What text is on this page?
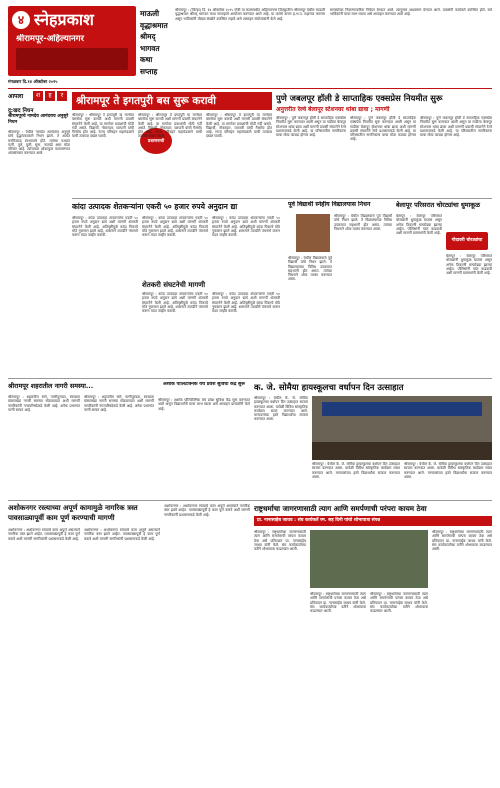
४ स्नेहप्रकाश
श्रीरामपूर-अहिल्यानगर
मंगळवार दि.१४ ऑक्टोबर २०२५
माऊली
वृद्धाश्रमात
श्रीमद्
भागवत
कथा
सप्ताह
श्रीरामपूर : (जिल्हा) दि. १४ ऑक्टोबर २०२५ रोजी या कालावधीत अहिल्यानगर जिल्ह्यातील श्रीरामपूर येथील माऊली वृद्धाश्रमात श्रीमद् भागवत कथा सप्ताहाचे आयोजन करण्यात आले आहे. या कथेचे वाचन ह.भ.प. महाराज करणार असून भाविकांनी मोठ्या संख्येने उपस्थित राहावे असे आवाहन संयोजकांनी केले आहे.
समस्यांच्या निवारणाकरिता निवेदन देण्यात आले. त्यानुसार आश्वासन देण्यात आले. याप्रसंगी कार्यकर्ते उपस्थित होते. सर्व भाविकांनी याचा लाभ घ्यावा असे आवाहन करण्यात आले आहे.
आपला	श	ह	र
दु:खद निधन
श्रीरामपूरचे नामदेव आनंदराव अनुसुरे निधन
श्रीरामपूर : येथील नामदेव आनंदराव अनुसुरे यांचे वृद्धापकाळाने निधन झाले. ते अत्यंत मनमिळाऊ स्वभावाचे होते. त्यांच्या पश्चात पत्नी, मुले, मुली, सुना, नातवंडे असा मोठा परिवार आहे. त्यांच्यावर शोकाकुल वातावरणात अंत्यसंस्कार करण्यात आले.
श्रीरामपूर ते इगतपुरी बस सुरू करावी
श्रीरामपूर : श्रीरामपूर ते इगतपुरी या मार्गावर बससेवा सुरू करावी अशी मागणी प्रवासी संघटनेने केली आहे. या मार्गावर प्रवाशांची मोठी गर्दी असते. विद्यार्थी, नोकरदार, व्यापारी यांची गैरसोय होत आहे. राज्य परिवहन महामंडळाने याची तत्काळ दखल घ्यावी.
प्रशासनाची
श्रीरामपूर : श्रीरामपूर ते इगतपुरी या मार्गावर बससेवा सुरू करावी अशी मागणी प्रवासी संघटनेने केली आहे. या मार्गावर प्रवाशांची मोठी गर्दी असते. विद्यार्थी, नोकरदार, व्यापारी यांची गैरसोय होत आहे. राज्य परिवहन महामंडळाने याची तत्काळ दखल घ्यावी.
श्रीरामपूर : श्रीरामपूर ते इगतपुरी या मार्गावर बससेवा सुरू करावी अशी मागणी प्रवासी संघटनेने केली आहे. या मार्गावर प्रवाशांची मोठी गर्दी असते. विद्यार्थी, नोकरदार, व्यापारी यांची गैरसोय होत आहे. राज्य परिवहन महामंडळाने याची तत्काळ दखल घ्यावी.
पुणे जबलपूर हॉली डे साप्ताहिक एक्सप्रेस नियमीत सुरू
अनुत्तरीत रेल्वे बेलापूर स्टेशनवर थांबा द्यावा ; मागणी
श्रीरामपूर : पुणे जबलपूर हॉली डे साप्ताहिक एक्सप्रेस नियमीत सुरू करण्यात आली असून या गाडीला बेलापूर स्टेशनवर थांबा द्यावा अशी मागणी प्रवासी संघटनेने रेल्वे प्रशासनाकडे केली आहे. या परिसरातील नागरिकांना याचा मोठा फायदा होणार आहे.
श्रीरामपूर : पुणे जबलपूर हॉली डे साप्ताहिक एक्सप्रेस नियमीत सुरू करण्यात आली असून या गाडीला बेलापूर स्टेशनवर थांबा द्यावा अशी मागणी प्रवासी संघटनेने रेल्वे प्रशासनाकडे केली आहे. या परिसरातील नागरिकांना याचा मोठा फायदा होणार आहे.
श्रीरामपूर : पुणे जबलपूर हॉली डे साप्ताहिक एक्सप्रेस नियमीत सुरू करण्यात आली असून या गाडीला बेलापूर स्टेशनवर थांबा द्यावा अशी मागणी प्रवासी संघटनेने रेल्वे प्रशासनाकडे केली आहे. या परिसरातील नागरिकांना याचा मोठा फायदा होणार आहे.
कांदा उत्पादक शेतकऱ्यांना एकरी ५० हजार रुपये अनुदान द्या
श्रीरामपूर : कांदा उत्पादक शेतकऱ्यांना एकरी ५० हजार रुपये अनुदान द्यावे अशी मागणी शेतकरी संघटनेने केली आहे. अतिवृष्टीमुळे कांदा पिकाचे मोठे नुकसान झाले आहे. शासनाने तातडीने पंचनामे करून मदत जाहीर करावी.
श्रीरामपूर : कांदा उत्पादक शेतकऱ्यांना एकरी ५० हजार रुपये अनुदान द्यावे अशी मागणी शेतकरी संघटनेने केली आहे. अतिवृष्टीमुळे कांदा पिकाचे मोठे नुकसान झाले आहे. शासनाने तातडीने पंचनामे करून मदत जाहीर करावी.
श्रीरामपूर : कांदा उत्पादक शेतकऱ्यांना एकरी ५० हजार रुपये अनुदान द्यावे अशी मागणी शेतकरी संघटनेने केली आहे. अतिवृष्टीमुळे कांदा पिकाचे मोठे नुकसान झाले आहे. शासनाने तातडीने पंचनामे करून मदत जाहीर करावी.
शेतकरी संघटनेची मागणी
श्रीरामपूर : कांदा उत्पादक शेतकऱ्यांना एकरी ५० हजार रुपये अनुदान द्यावे अशी मागणी शेतकरी संघटनेने केली आहे. अतिवृष्टीमुळे कांदा पिकाचे मोठे नुकसान झाले आहे. शासनाने तातडीने पंचनामे करून मदत जाहीर करावी.
श्रीरामपूर : कांदा उत्पादक शेतकऱ्यांना एकरी ५० हजार रुपये अनुदान द्यावे अशी मागणी शेतकरी संघटनेने केली आहे. अतिवृष्टीमुळे कांदा पिकाचे मोठे नुकसान झाले आहे. शासनाने तातडीने पंचनामे करून मदत जाहीर करावी.
पूर्व विद्यार्थी स्नेहीय विद्यालयास निधन
श्रीरामपूर : येथील विद्यालयाचे पूर्व विद्यार्थी यांचे निधन झाले. ते विद्यालयाच्या विविध उपक्रमात सहभागी होत असत. त्यांच्या निधनाने शोक व्यक्त करण्यात आला.
श्रीरामपूर : येथील विद्यालयाचे पूर्व विद्यार्थी यांचे निधन झाले. ते विद्यालयाच्या विविध उपक्रमात सहभागी होत असत. त्यांच्या निधनाने शोक व्यक्त करण्यात आला.
बेलापूर परिसरात चोरट्यांचा धुमाकूळ
बेलापूर : बेलापूर परिसरात चोरट्यांनी धुमाकूळ घातला असून अनेक ठिकाणी घरफोड्या झाल्या आहेत. पोलिसांनी गस्त वाढवावी अशी मागणी ग्रामस्थांनी केली आहे.
गोदावरी चोरट्यांचा
बेलापूर : बेलापूर परिसरात चोरट्यांनी धुमाकूळ घातला असून अनेक ठिकाणी घरफोड्या झाल्या आहेत. पोलिसांनी गस्त वाढवावी अशी मागणी ग्रामस्थांनी केली आहे.
श्रीरामपूर शहरातील नागरी समस्या...
श्रीरामपूर : शहरातील रस्ते, पाणीपुरवठा, स्वच्छता यांसारख्या नागरी समस्या सोडवाव्यात अशी मागणी नागरिकांनी नगरपरिषदेकडे केली आहे. अनेक प्रभागांत पाणी साचत आहे.
श्रीरामपूर : शहरातील रस्ते, पाणीपुरवठा, स्वच्छता यांसारख्या नागरी समस्या सोडवाव्यात अशी मागणी नागरिकांनी नगरपरिषदेकडे केली आहे. अनेक प्रभागांत पाणी साचत आहे.
अशोक पॉलिटेक्निक येथे प्रवेश सुविधा केंद्र सुरू
श्रीरामपूर : अशोक पॉलिटेक्निक येथे प्रवेश सुविधा केंद्र सुरू करण्यात आले असून विद्यार्थ्यांनी याचा लाभ घ्यावा असे आवाहन प्राचार्यांनी केले आहे.
क. जे. सोमैया हायस्कूलचा वर्धापन दिन उत्साहात
श्रीरामपूर : येथील के. जे. सोमैया हायस्कूलचा वर्धापन दिन उत्साहात साजरा करण्यात आला. यावेळी विविध सांस्कृतिक कार्यक्रम सादर करण्यात आले. मान्यवरांच्या हस्ते विद्यार्थ्यांचा सत्कार करण्यात आला.
श्रीरामपूर : येथील के. जे. सोमैया हायस्कूलचा वर्धापन दिन उत्साहात साजरा करण्यात आला. यावेळी विविध सांस्कृतिक कार्यक्रम सादर करण्यात आले. मान्यवरांच्या हस्ते विद्यार्थ्यांचा सत्कार करण्यात आला.
श्रीरामपूर : येथील के. जे. सोमैया हायस्कूलचा वर्धापन दिन उत्साहात साजरा करण्यात आला. यावेळी विविध सांस्कृतिक कार्यक्रम सादर करण्यात आले. मान्यवरांच्या हस्ते विद्यार्थ्यांचा सत्कार करण्यात आला.
अशोकनगर रस्त्याच्या अपूर्ण कामामुळे नागरिक त्रस्त पावसाळ्यापूर्वी काम पूर्ण करण्याची मागणी
अशोकनगर : अशोकनगर रस्त्याचे काम अपूर्ण असल्याने नागरिक त्रस्त झाले आहेत. पावसाळ्यापूर्वी हे काम पूर्ण करावे अशी मागणी नागरिकांनी प्रशासनाकडे केली आहे.
अशोकनगर : अशोकनगर रस्त्याचे काम अपूर्ण असल्याने नागरिक त्रस्त झाले आहेत. पावसाळ्यापूर्वी हे काम पूर्ण करावे अशी मागणी नागरिकांनी प्रशासनाकडे केली आहे.
अशोकनगर : अशोकनगर रस्त्याचे काम अपूर्ण असल्याने नागरिक त्रस्त झाले आहेत. पावसाळ्यापूर्वी हे काम पूर्ण करावे अशी मागणी नागरिकांनी प्रशासनाकडे केली आहे.
राष्ट्रधर्माचा जागरणासाठी त्याग आणि समर्पणाची परंपरा कायम ठेवा
प्रा. नानासाहेब जाधव : संघ कार्यकर्ते रम. सह दिनी पांचो शोभायात्रा संपन्न
श्रीरामपूर : राष्ट्रधर्माच्या जागरणासाठी त्याग आणि समर्पणाची परंपरा कायम ठेवा असे प्रतिपादन प्रा. नानासाहेब जाधव यांनी केले. संघ कार्यकर्त्यांच्या वतीने शोभायात्रा काढण्यात आली.
श्रीरामपूर : राष्ट्रधर्माच्या जागरणासाठी त्याग आणि समर्पणाची परंपरा कायम ठेवा असे प्रतिपादन प्रा. नानासाहेब जाधव यांनी केले. संघ कार्यकर्त्यांच्या वतीने शोभायात्रा काढण्यात आली.
श्रीरामपूर : राष्ट्रधर्माच्या जागरणासाठी त्याग आणि समर्पणाची परंपरा कायम ठेवा असे प्रतिपादन प्रा. नानासाहेब जाधव यांनी केले. संघ कार्यकर्त्यांच्या वतीने शोभायात्रा काढण्यात आली.
श्रीरामपूर : राष्ट्रधर्माच्या जागरणासाठी त्याग आणि समर्पणाची परंपरा कायम ठेवा असे प्रतिपादन प्रा. नानासाहेब जाधव यांनी केले. संघ कार्यकर्त्यांच्या वतीने शोभायात्रा काढण्यात आली.
